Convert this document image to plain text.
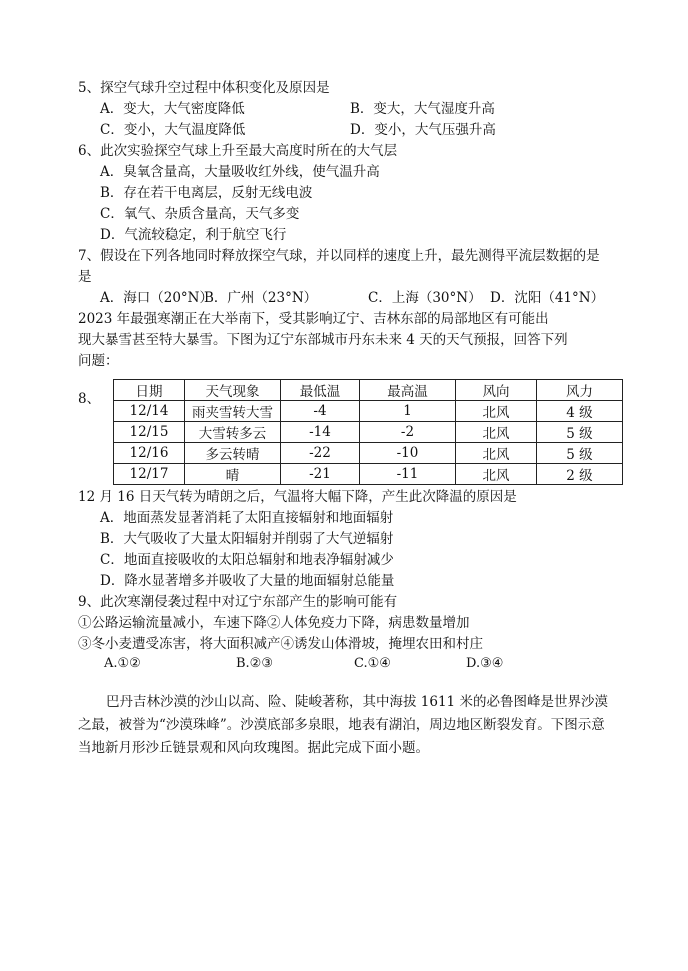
5、探空气球升空过程中体积变化及原因是
A．变大，大气密度降低	B．变大，大气湿度升高
C．变小，大气温度降低	D．变小，大气压强升高
6、此次实验探空气球上升至最大高度时所在的大气层
A．臭氧含量高，大量吸收红外线，使气温升高
B．存在若干电离层，反射无线电波
C．氧气、杂质含量高，天气多变
D．气流较稳定，利于航空飞行
7、假设在下列各地同时释放探空气球，并以同样的速度上升，最先测得平流层数据的是
是
A．海口（20°N）
B．广州（23°N）	C．上海（30°N） D．沈阳（41°N）
2023 年最强寒潮正在大举南下，受其影响辽宁、吉林东部的局部地区有可能出
现大暴雪甚至特大暴雪。下图为辽宁东部城市丹东未来 4 天的天气预报，回答下列
问题：
8、	日期	天气现象	最低温	最高温	风向	风力
12/14	雨夹雪转大雪	-4	1	北风	4 级
12/15	大雪转多云	-14	-2	北风	5 级
12/16	多云转晴	-22	-10	北风	5 级
12/17	晴	-21	-11	北风	2 级
12 月 16 日天气转为晴朗之后，气温将大幅下降，产生此次降温的原因是
A．地面蒸发显著消耗了太阳直接辐射和地面辐射
B．大气吸收了大量太阳辐射并削弱了大气逆辐射
C．地面直接吸收的太阳总辐射和地表净辐射减少
D．降水显著增多并吸收了大量的地面辐射总能量
9、此次寒潮侵袭过程中对辽宁东部产生的影响可能有
①公路运输流量减小，车速下降②人体免疫力下降，病患数量增加
③冬小麦遭受冻害，将大面积减产④诱发山体滑坡，掩埋农田和村庄
A.①②	B.②③	C.①④	D.③④
巴丹吉林沙漠的沙山以高、险、陡峻著称，其中海拔 1611 米的必鲁图峰是世界沙漠之最，被誉为“沙漠珠峰”。沙漠底部多泉眼，地表有湖泊，周边地区断裂发育。下图示意当地新月形沙丘链景观和风向玫瑰图。据此完成下面小题。
